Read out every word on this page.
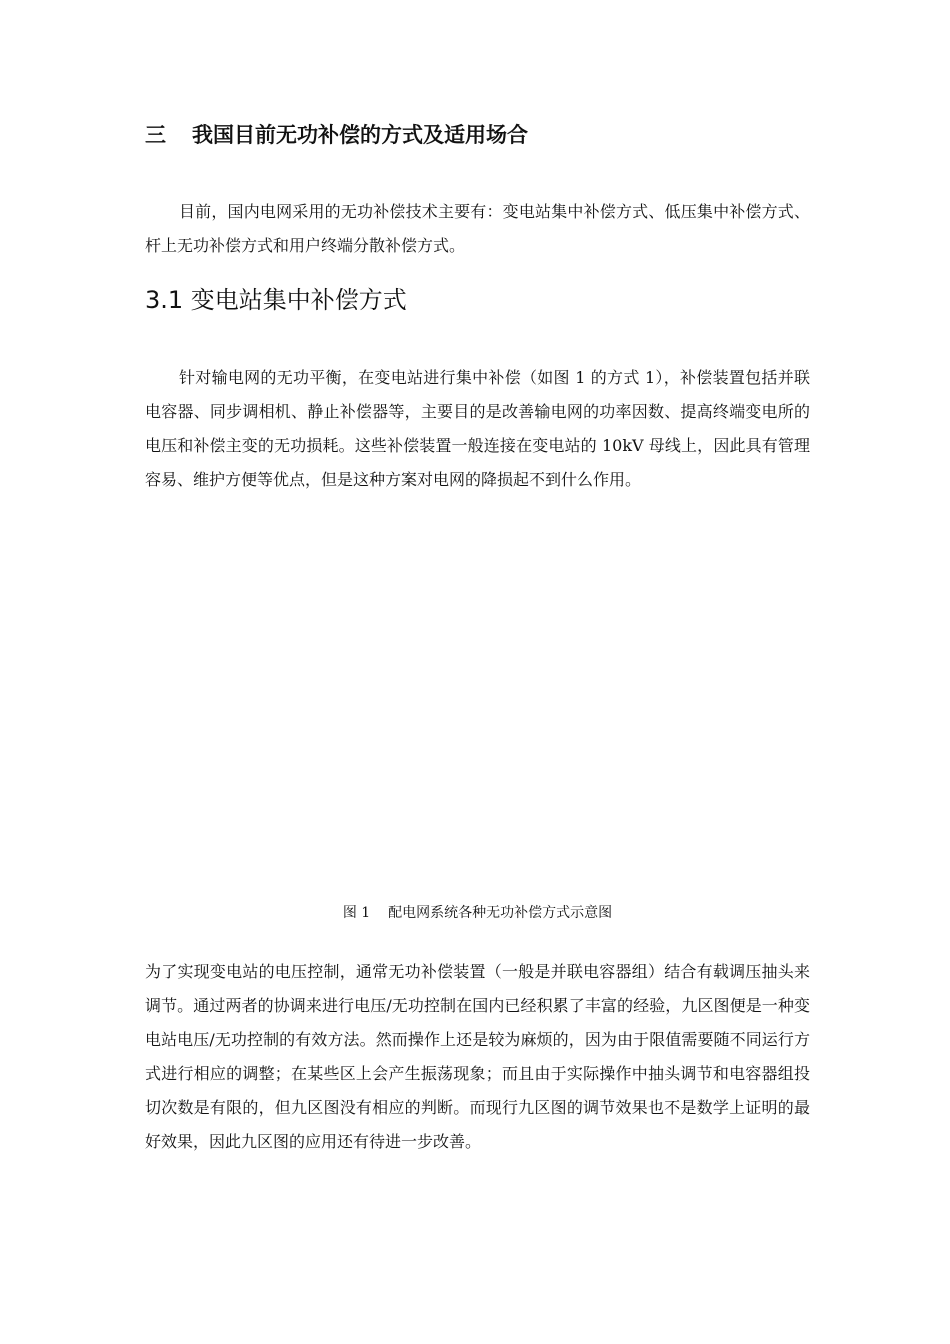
三 我国目前无功补偿的方式及适用场合

目前，国内电网采用的无功补偿技术主要有：变电站集中补偿方式、低压集中补偿方式、杆上无功补偿方式和用户终端分散补偿方式。

3.1 变电站集中补偿方式

针对输电网的无功平衡，在变电站进行集中补偿（如图 1 的方式 1），补偿装置包括并联电容器、同步调相机、静止补偿器等，主要目的是改善输电网的功率因数、提高终端变电所的电压和补偿主变的无功损耗。这些补偿装置一般连接在变电站的 10kV 母线上，因此具有管理容易、维护方便等优点，但是这种方案对电网的降损起不到什么作用。

图 1 配电网系统各种无功补偿方式示意图

为了实现变电站的电压控制，通常无功补偿装置（一般是并联电容器组）结合有载调压抽头来调节。通过两者的协调来进行电压/无功控制在国内已经积累了丰富的经验，九区图便是一种变电站电压/无功控制的有效方法。然而操作上还是较为麻烦的，因为由于限值需要随不同运行方式进行相应的调整；在某些区上会产生振荡现象；而且由于实际操作中抽头调节和电容器组投切次数是有限的，但九区图没有相应的判断。而现行九区图的调节效果也不是数学上证明的最好效果，因此九区图的应用还有待进一步改善。
